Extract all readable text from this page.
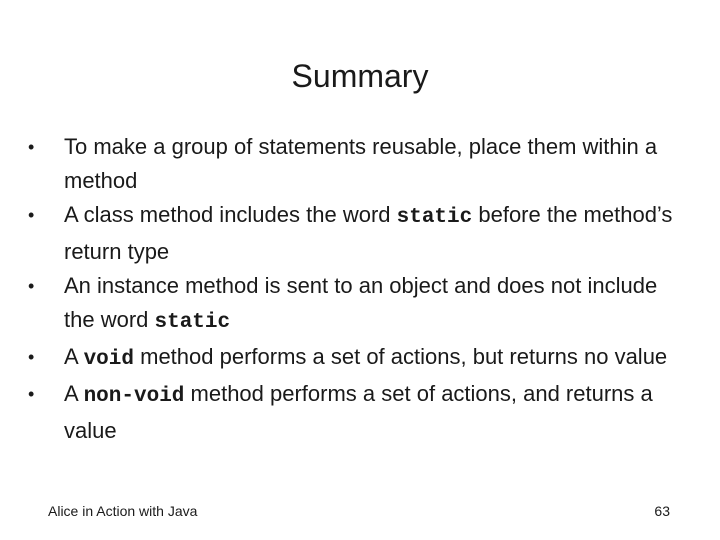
Summary
• To make a group of statements reusable, place them within a method
• A class method includes the word static before the method’s return type
• An instance method is sent to an object and does not include the word static
• A void method performs a set of actions, but returns no value
• A non-void method performs a set of actions, and returns a value
Alice in Action with Java	63
